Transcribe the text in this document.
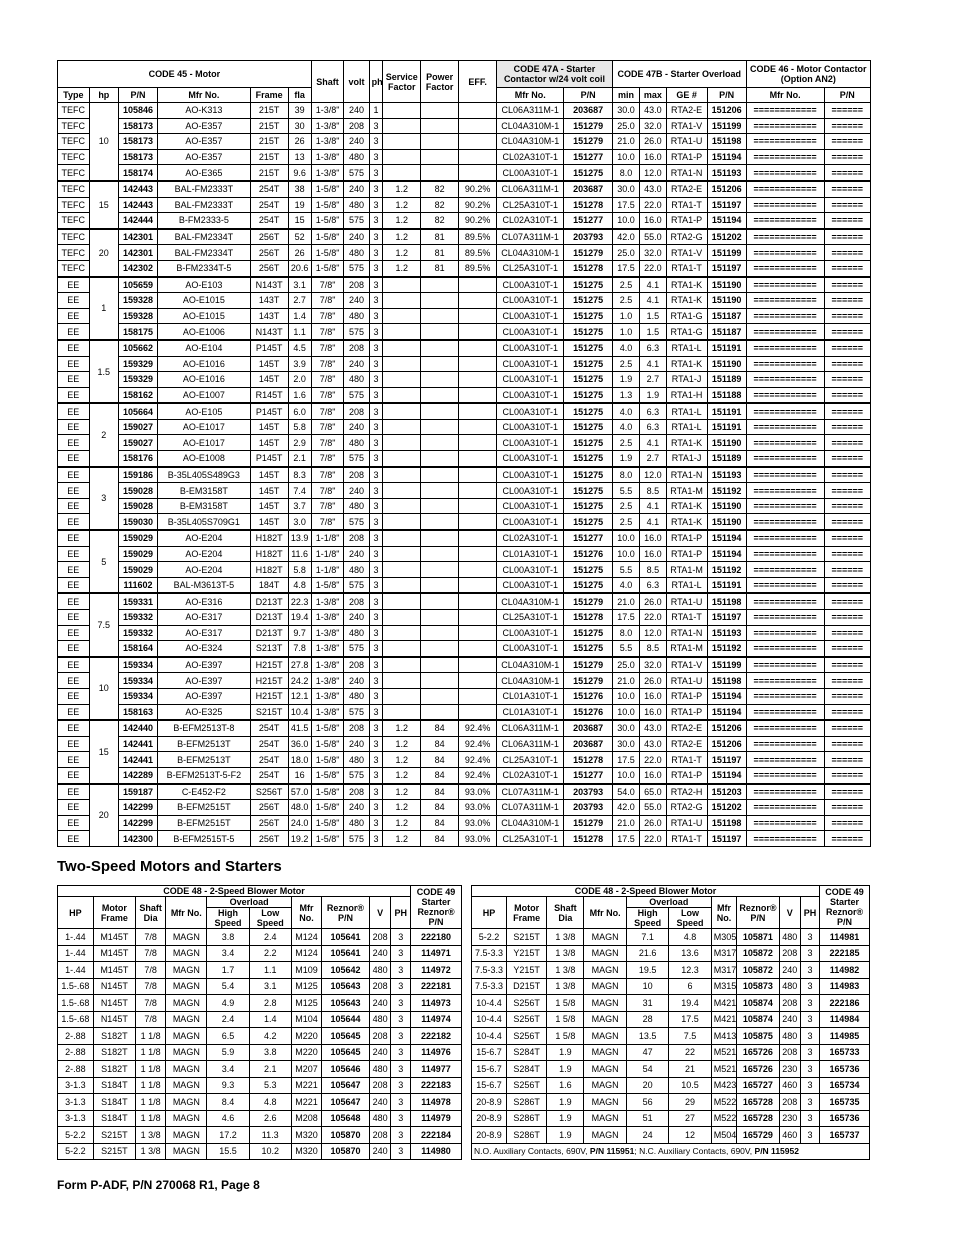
CODE 45 - Motor						Shaft	volt	ph	Service Factor	Power Factor	EFF.	CODE 47A - Starter Contactor w/24 volt coil		CODE 47B - Starter Overload				CODE 46 - Motor Contactor (Option AN2)	
Type	hp	P/N	Mfr No.	Frame	fla							Mfr No.	P/N	min	max	GE #	P/N	Mfr No.	P/N
TEFC	10	105846	AO-K313	215T	39	1-3/8"	240	1				CL06A311M-1	203687	30.0	43.0	RTA2-E	151206	============	======
TEFC		158173	AO-E357	215T	30	1-3/8"	208	3				CL04A310M-1	151279	25.0	32.0	RTA1-V	151199	============	======
TEFC		158173	AO-E357	215T	26	1-3/8"	240	3				CL04A310M-1	151279	21.0	26.0	RTA1-U	151198	============	======
TEFC		158173	AO-E357	215T	13	1-3/8"	480	3				CL02A310T-1	151277	10.0	16.0	RTA1-P	151194	============	======
TEFC		158174	AO-E365	215T	9.6	1-3/8"	575	3				CL00A310T-1	151275	8.0	12.0	RTA1-N	151193	============	======
TEFC	15	142443	BAL-FM2333T	254T	38	1-5/8"	240	3	1.2	82	90.2%	CL06A311M-1	203687	30.0	43.0	RTA2-E	151206	============	======
TEFC		142443	BAL-FM2333T	254T	19	1-5/8"	480	3	1.2	82	90.2%	CL25A310T-1	151278	17.5	22.0	RTA1-T	151197	============	======
TEFC		142444	B-FM2333-5	254T	15	1-5/8"	575	3	1.2	82	90.2%	CL02A310T-1	151277	10.0	16.0	RTA1-P	151194	============	======
TEFC	20	142301	BAL-FM2334T	256T	52	1-5/8"	240	3	1.2	81	89.5%	CL07A311M-1	203793	42.0	55.0	RTA2-G	151202	============	======
TEFC		142301	BAL-FM2334T	256T	26	1-5/8"	480	3	1.2	81	89.5%	CL04A310M-1	151279	25.0	32.0	RTA1-V	151199	============	======
TEFC		142302	B-FM2334T-5	256T	20.6	1-5/8"	575	3	1.2	81	89.5%	CL25A310T-1	151278	17.5	22.0	RTA1-T	151197	============	======
EE	1	105659	AO-E103	N143T	3.1	7/8"	208	3				CL00A310T-1	151275	2.5	4.1	RTA1-K	151190	============	======
EE		159328	AO-E1015	143T	2.7	7/8"	240	3				CL00A310T-1	151275	2.5	4.1	RTA1-K	151190	============	======
EE		159328	AO-E1015	143T	1.4	7/8"	480	3				CL00A310T-1	151275	1.0	1.5	RTA1-G	151187	============	======
EE		158175	AO-E1006	N143T	1.1	7/8"	575	3				CL00A310T-1	151275	1.0	1.5	RTA1-G	151187	============	======
EE	1.5	105662	AO-E104	P145T	4.5	7/8"	208	3				CL00A310T-1	151275	4.0	6.3	RTA1-L	151191	============	======
EE		159329	AO-E1016	145T	3.9	7/8"	240	3				CL00A310T-1	151275	2.5	4.1	RTA1-K	151190	============	======
EE		159329	AO-E1016	145T	2.0	7/8"	480	3				CL00A310T-1	151275	1.9	2.7	RTA1-J	151189	============	======
EE		158162	AO-E1007	R145T	1.6	7/8"	575	3				CL00A310T-1	151275	1.3	1.9	RTA1-H	151188	============	======
EE	2	105664	AO-E105	P145T	6.0	7/8"	208	3				CL00A310T-1	151275	4.0	6.3	RTA1-L	151191	============	======
EE		159027	AO-E1017	145T	5.8	7/8"	240	3				CL00A310T-1	151275	4.0	6.3	RTA1-L	151191	============	======
EE		159027	AO-E1017	145T	2.9	7/8"	480	3				CL00A310T-1	151275	2.5	4.1	RTA1-K	151190	============	======
EE		158176	AO-E1008	P145T	2.1	7/8"	575	3				CL00A310T-1	151275	1.9	2.7	RTA1-J	151189	============	======
EE	3	159186	B-35L405S489G3	145T	8.3	7/8"	208	3				CL00A310T-1	151275	8.0	12.0	RTA1-N	151193	============	======
EE		159028	B-EM3158T	145T	7.4	7/8"	240	3				CL00A310T-1	151275	5.5	8.5	RTA1-M	151192	============	======
EE		159028	B-EM3158T	145T	3.7	7/8"	480	3				CL00A310T-1	151275	2.5	4.1	RTA1-K	151190	============	======
EE		159030	B-35L405S709G1	145T	3.0	7/8"	575	3				CL00A310T-1	151275	2.5	4.1	RTA1-K	151190	============	======
EE	5	159029	AO-E204	H182T	13.9	1-1/8"	208	3				CL02A310T-1	151277	10.0	16.0	RTA1-P	151194	============	======
EE		159029	AO-E204	H182T	11.6	1-1/8"	240	3				CL01A310T-1	151276	10.0	16.0	RTA1-P	151194	============	======
EE		159029	AO-E204	H182T	5.8	1-1/8"	480	3				CL00A310T-1	151275	5.5	8.5	RTA1-M	151192	============	======
EE		111602	BAL-M3613T-5	184T	4.8	1-5/8"	575	3				CL00A310T-1	151275	4.0	6.3	RTA1-L	151191	============	======
EE	7.5	159331	AO-E316	D213T	22.3	1-3/8"	208	3				CL04A310M-1	151279	21.0	26.0	RTA1-U	151198	============	======
EE		159332	AO-E317	D213T	19.4	1-3/8"	240	3				CL25A310T-1	151278	17.5	22.0	RTA1-T	151197	============	======
EE		159332	AO-E317	D213T	9.7	1-3/8"	480	3				CL00A310T-1	151275	8.0	12.0	RTA1-N	151193	============	======
EE		158164	AO-E324	S213T	7.8	1-3/8"	575	3				CL00A310T-1	151275	5.5	8.5	RTA1-M	151192	============	======
EE	10	159334	AO-E397	H215T	27.8	1-3/8"	208	3				CL04A310M-1	151279	25.0	32.0	RTA1-V	151199	============	======
EE		159334	AO-E397	H215T	24.2	1-3/8"	240	3				CL04A310M-1	151279	21.0	26.0	RTA1-U	151198	============	======
EE		159334	AO-E397	H215T	12.1	1-3/8"	480	3				CL01A310T-1	151276	10.0	16.0	RTA1-P	151194	============	======
EE		158163	AO-E325	S215T	10.4	1-3/8"	575	3				CL01A310T-1	151276	10.0	16.0	RTA1-P	151194	============	======
EE	15	142440	B-EFM2513T-8	254T	41.5	1-5/8"	208	3	1.2	84	92.4%	CL06A311M-1	203687	30.0	43.0	RTA2-E	151206	============	======
EE		142441	B-EFM2513T	254T	36.0	1-5/8"	240	3	1.2	84	92.4%	CL06A311M-1	203687	30.0	43.0	RTA2-E	151206	============	======
EE		142441	B-EFM2513T	254T	18.0	1-5/8"	480	3	1.2	84	92.4%	CL25A310T-1	151278	17.5	22.0	RTA1-T	151197	============	======
EE		142289	B-EFM2513T-5-F2	254T	16	1-5/8"	575	3	1.2	84	92.4%	CL02A310T-1	151277	10.0	16.0	RTA1-P	151194	============	======
EE	20	159187	C-E452-F2	S256T	57.0	1-5/8"	208	3	1.2	84	93.0%	CL07A311M-1	203793	54.0	65.0	RTA2-H	151203	============	======
EE		142299	B-EFM2515T	256T	48.0	1-5/8"	240	3	1.2	84	93.0%	CL07A311M-1	203793	42.0	55.0	RTA2-G	151202	============	======
EE		142299	B-EFM2515T	256T	24.0	1-5/8"	480	3	1.2	84	93.0%	CL04A310M-1	151279	21.0	26.0	RTA1-U	151198	============	======
EE		142300	B-EFM2515T-5	256T	19.2	1-5/8"	575	3	1.2	84	93.0%	CL25A310T-1	151278	17.5	22.0	RTA1-T	151197	============	======
Two-Speed Motors and Starters
CODE 48 - 2-Speed Blower Motor										CODE 49 Starter Reznor® P/N
HP	Motor Frame	Shaft Dia	Mfr No.	Overload		Mfr No.	Reznor® P/N	V	PH	
				High Speed	Low Speed					
1-.44	M145T	7/8	MAGN	3.8	2.4	M124	105641	208	3	222180
1-.44	M145T	7/8	MAGN	3.4	2.2	M124	105641	240	3	114971
1-.44	M145T	7/8	MAGN	1.7	1.1	M109	105642	480	3	114972
1.5-.68	N145T	7/8	MAGN	5.4	3.1	M125	105643	208	3	222181
1.5-.68	N145T	7/8	MAGN	4.9	2.8	M125	105643	240	3	114973
1.5-.68	N145T	7/8	MAGN	2.4	1.4	M104	105644	480	3	114974
2-.88	S182T	1 1/8	MAGN	6.5	4.2	M220	105645	208	3	222182
2-.88	S182T	1 1/8	MAGN	5.9	3.8	M220	105645	240	3	114976
2-.88	S182T	1 1/8	MAGN	3.4	2.1	M207	105646	480	3	114977
3-1.3	S184T	1 1/8	MAGN	9.3	5.3	M221	105647	208	3	222183
3-1.3	S184T	1 1/8	MAGN	8.4	4.8	M221	105647	240	3	114978
3-1.3	S184T	1 1/8	MAGN	4.6	2.6	M208	105648	480	3	114979
5-2.2	S215T	1 3/8	MAGN	17.2	11.3	M320	105870	208	3	222184
5-2.2	S215T	1 3/8	MAGN	15.5	10.2	M320	105870	240	3	114980
CODE 48 - 2-Speed Blower Motor										CODE 49 Starter Reznor® P/N
HP	Motor Frame	Shaft Dia	Mfr No.	Overload		Mfr No.	Reznor® P/N	V	PH	
				High Speed	Low Speed					
5-2.2	S215T	1 3/8	MAGN	7.1	4.8	M305	105871	480	3	114981
7.5-3.3	Y215T	1 3/8	MAGN	21.6	13.6	M317	105872	208	3	222185
7.5-3.3	Y215T	1 3/8	MAGN	19.5	12.3	M317	105872	240	3	114982
7.5-3.3	D215T	1 3/8	MAGN	10	6	M315	105873	480	3	114983
10-4.4	S256T	1 5/8	MAGN	31	19.4	M421	105874	208	3	222186
10-4.4	S256T	1 5/8	MAGN	28	17.5	M421	105874	240	3	114984
10-4.4	S256T	1 5/8	MAGN	13.5	7.5	M413	105875	480	3	114985
15-6.7	S284T	1.9	MAGN	47	22	M521	165726	208	3	165733
15-6.7	S284T	1.9	MAGN	54	21	M521	165726	230	3	165736
15-6.7	S256T	1.6	MAGN	20	10.5	M423	165727	460	3	165734
20-8.9	S286T	1.9	MAGN	56	29	M522	165728	208	3	165735
20-8.9	S286T	1.9	MAGN	51	27	M522	165728	230	3	165736
20-8.9	S286T	1.9	MAGN	24	12	M504	165729	460	3	165737
N.O. Auxiliary Contacts, 690V, P/N 115951; N.C. Auxiliary Contacts, 690V, P/N 115952										
Form P-ADF, P/N 270068 R1, Page 8
